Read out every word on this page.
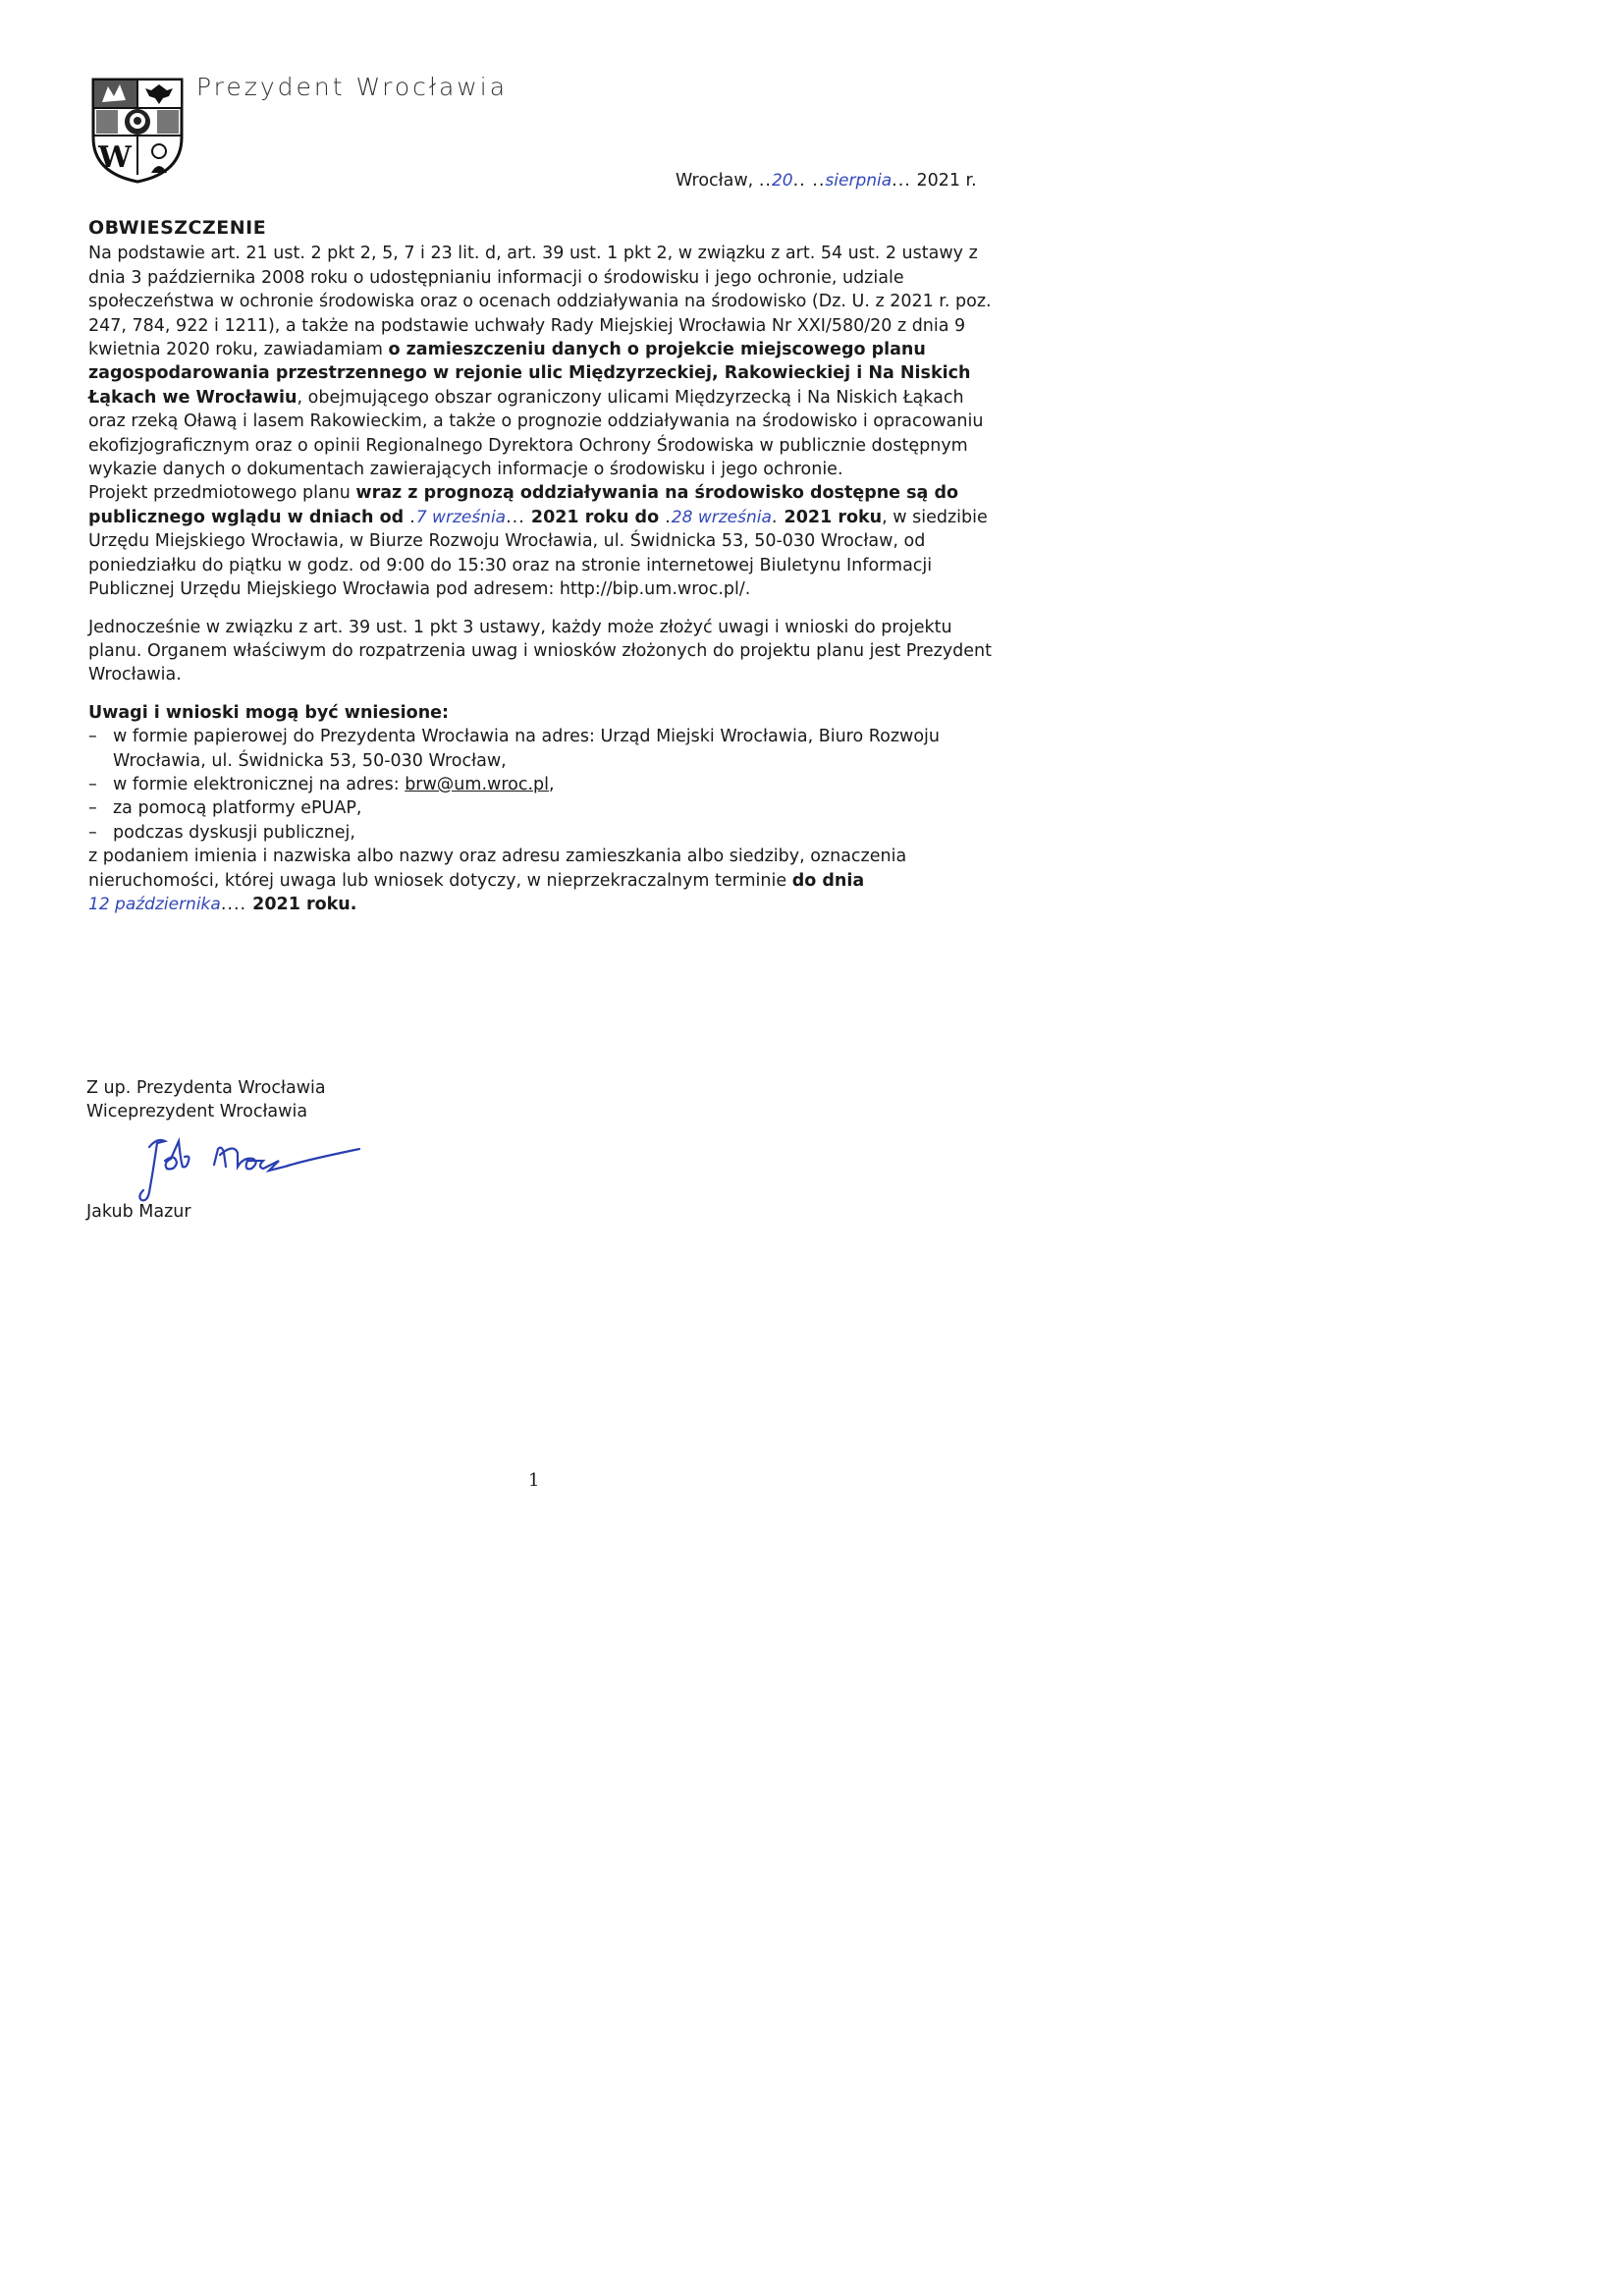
W
Prezydent Wrocławia
Wrocław, ..20.. ..sierpnia... 2021 r.
OBWIESZCZENIE

Na podstawie art. 21 ust. 2 pkt 2, 5, 7 i 23 lit. d, art. 39 ust. 1 pkt 2, w związku z art. 54 ust. 2 ustawy z dnia 3 października 2008 roku o udostępnianiu informacji o środowisku i jego ochronie, udziale społeczeństwa w ochronie środowiska oraz o ocenach oddziaływania na środowisko (Dz. U. z 2021 r. poz. 247, 784, 922 i 1211), a także na podstawie uchwały Rady Miejskiej Wrocławia Nr XXI/580/20 z dnia 9 kwietnia 2020 roku, zawiadamiam o zamieszczeniu danych o projekcie miejscowego planu zagospodarowania przestrzennego w rejonie ulic Międzyrzeckiej, Rakowieckiej i Na Niskich Łąkach we Wrocławiu, obejmującego obszar ograniczony ulicami Międzyrzecką i Na Niskich Łąkach oraz rzeką Oławą i lasem Rakowieckim, a także o prognozie oddziaływania na środowisko i opracowaniu ekofizjograficznym oraz o opinii Regionalnego Dyrektora Ochrony Środowiska w publicznie dostępnym wykazie danych o dokumentach zawierających informacje o środowisku i jego ochronie.

Projekt przedmiotowego planu wraz z prognozą oddziaływania na środowisko dostępne są do publicznego wglądu w dniach od .7 września... 2021 roku do .28 września. 2021 roku, w siedzibie Urzędu Miejskiego Wrocławia, w Biurze Rozwoju Wrocławia, ul. Świdnicka 53, 50-030 Wrocław, od poniedziałku do piątku w godz. od 9:00 do 15:30 oraz na stronie internetowej Biuletynu Informacji Publicznej Urzędu Miejskiego Wrocławia pod adresem: http://bip.um.wroc.pl/.

Jednocześnie w związku z art. 39 ust. 1 pkt 3 ustawy, każdy może złożyć uwagi i wnioski do projektu planu. Organem właściwym do rozpatrzenia uwag i wniosków złożonych do projektu planu jest Prezydent Wrocławia.

Uwagi i wnioski mogą być wniesione:

– w formie papierowej do Prezydenta Wrocławia na adres: Urząd Miejski Wrocławia, Biuro Rozwoju Wrocławia, ul. Świdnicka 53, 50-030 Wrocław,
– w formie elektronicznej na adres: brw@um.wroc.pl,
– za pomocą platformy ePUAP,
– podczas dyskusji publicznej,

z podaniem imienia i nazwiska albo nazwy oraz adresu zamieszkania albo siedziby, oznaczenia nieruchomości, której uwaga lub wniosek dotyczy, w nieprzekraczalnym terminie do dnia
12 października.... 2021 roku.

Z up. Prezydenta Wrocławia
Wiceprezydent Wrocławia
Jakub Mazur
1
